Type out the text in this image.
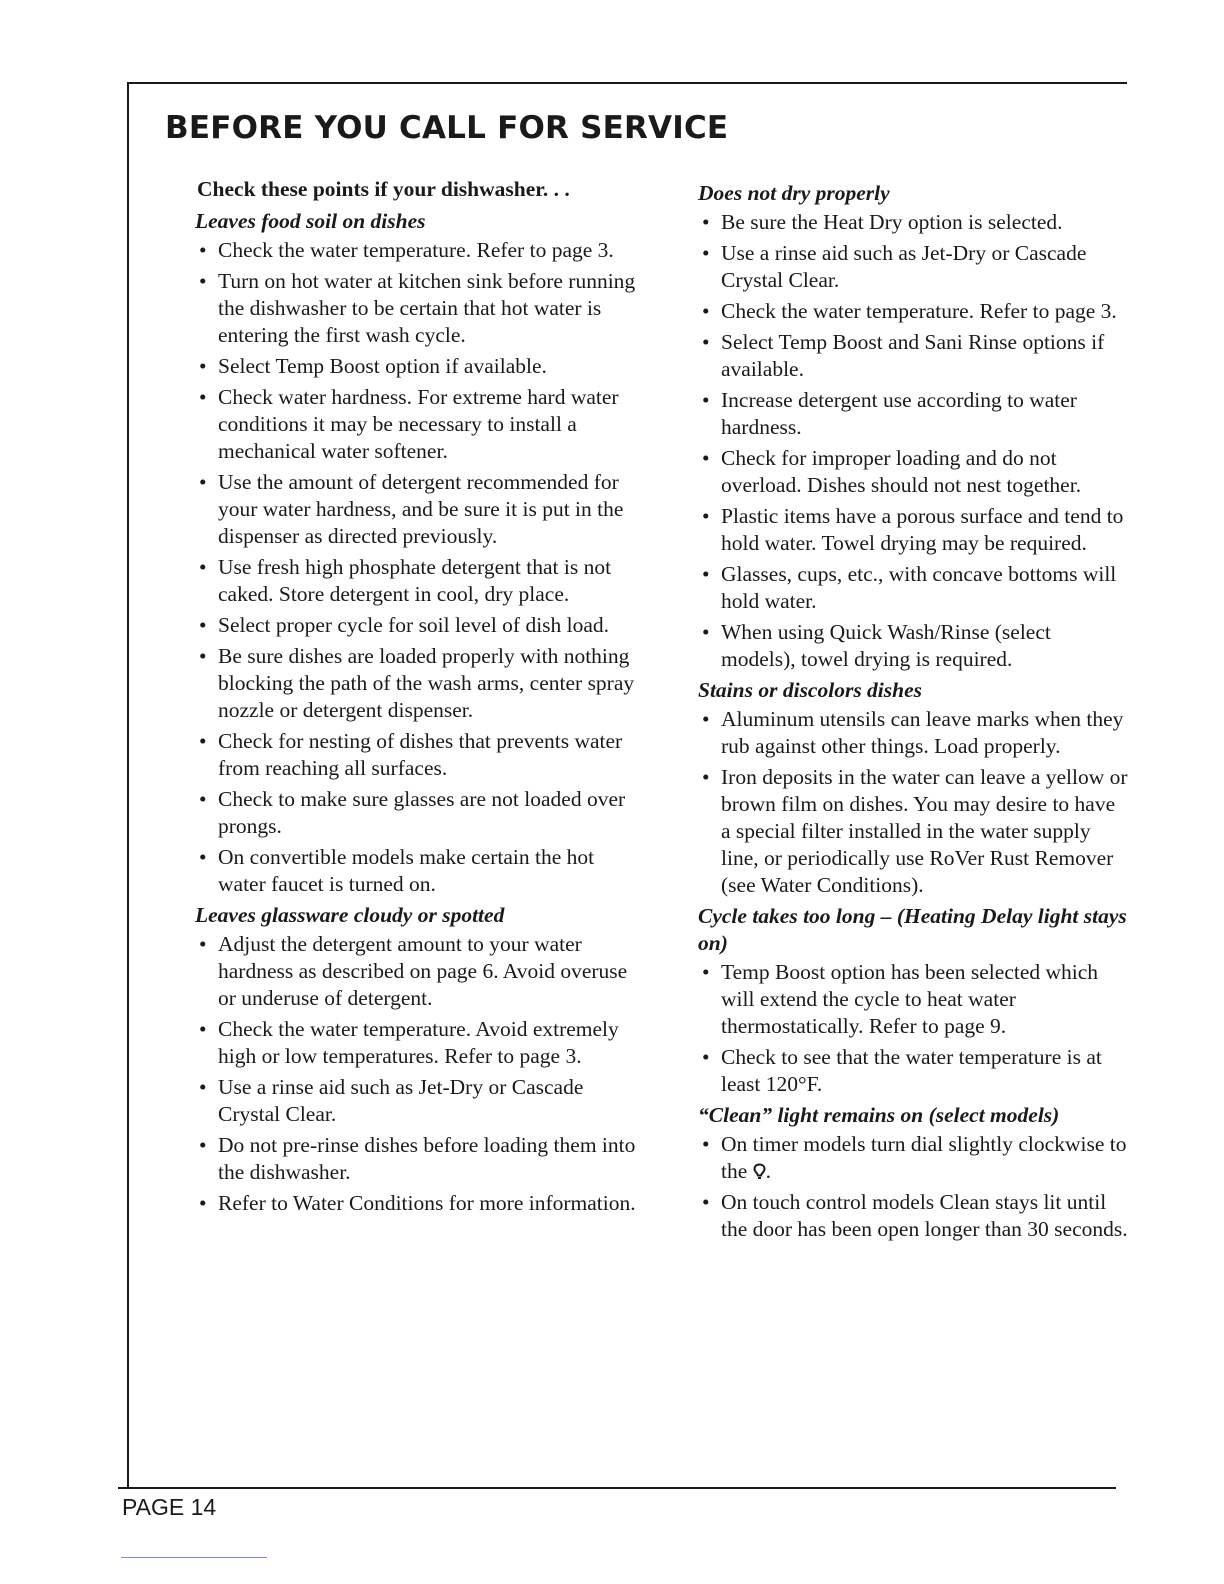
BEFORE YOU CALL FOR SERVICE
Check these points if your dishwasher. . .
Leaves food soil on dishes
• Check the water temperature. Refer to page 3.
• Turn on hot water at kitchen sink before running the dishwasher to be certain that hot water is entering the first wash cycle.
• Select Temp Boost option if available.
• Check water hardness. For extreme hard water conditions it may be necessary to install a mechanical water softener.
• Use the amount of detergent recommended for your water hardness, and be sure it is put in the dispenser as directed previously.
• Use fresh high phosphate detergent that is not caked. Store detergent in cool, dry place.
• Select proper cycle for soil level of dish load.
• Be sure dishes are loaded properly with nothing blocking the path of the wash arms, center spray nozzle or detergent dispenser.
• Check for nesting of dishes that prevents water from reaching all surfaces.
• Check to make sure glasses are not loaded over prongs.
• On convertible models make certain the hot water faucet is turned on.
Leaves glassware cloudy or spotted
• Adjust the detergent amount to your water hardness as described on page 6. Avoid overuse or underuse of detergent.
• Check the water temperature. Avoid extremely high or low temperatures. Refer to page 3.
• Use a rinse aid such as Jet-Dry or Cascade Crystal Clear.
• Do not pre-rinse dishes before loading them into the dishwasher.
• Refer to Water Conditions for more information.
Does not dry properly
• Be sure the Heat Dry option is selected.
• Use a rinse aid such as Jet-Dry or Cascade Crystal Clear.
• Check the water temperature. Refer to page 3.
• Select Temp Boost and Sani Rinse options if available.
• Increase detergent use according to water hardness.
• Check for improper loading and do not overload. Dishes should not nest together.
• Plastic items have a porous surface and tend to hold water. Towel drying may be required.
• Glasses, cups, etc., with concave bottoms will hold water.
• When using Quick Wash/Rinse (select models), towel drying is required.
Stains or discolors dishes
• Aluminum utensils can leave marks when they rub against other things. Load properly.
• Iron deposits in the water can leave a yellow or brown film on dishes. You may desire to have a special filter installed in the water supply line, or periodically use RoVer Rust Remover (see Water Conditions).
Cycle takes too long – (Heating Delay light stays on)
• Temp Boost option has been selected which will extend the cycle to heat water thermostatically. Refer to page 9.
• Check to see that the water temperature is at least 120°F.
“Clean” light remains on (select models)
• On timer models turn dial slightly clockwise to the .
• On touch control models Clean stays lit until the door has been open longer than 30 seconds.

PAGE 14
